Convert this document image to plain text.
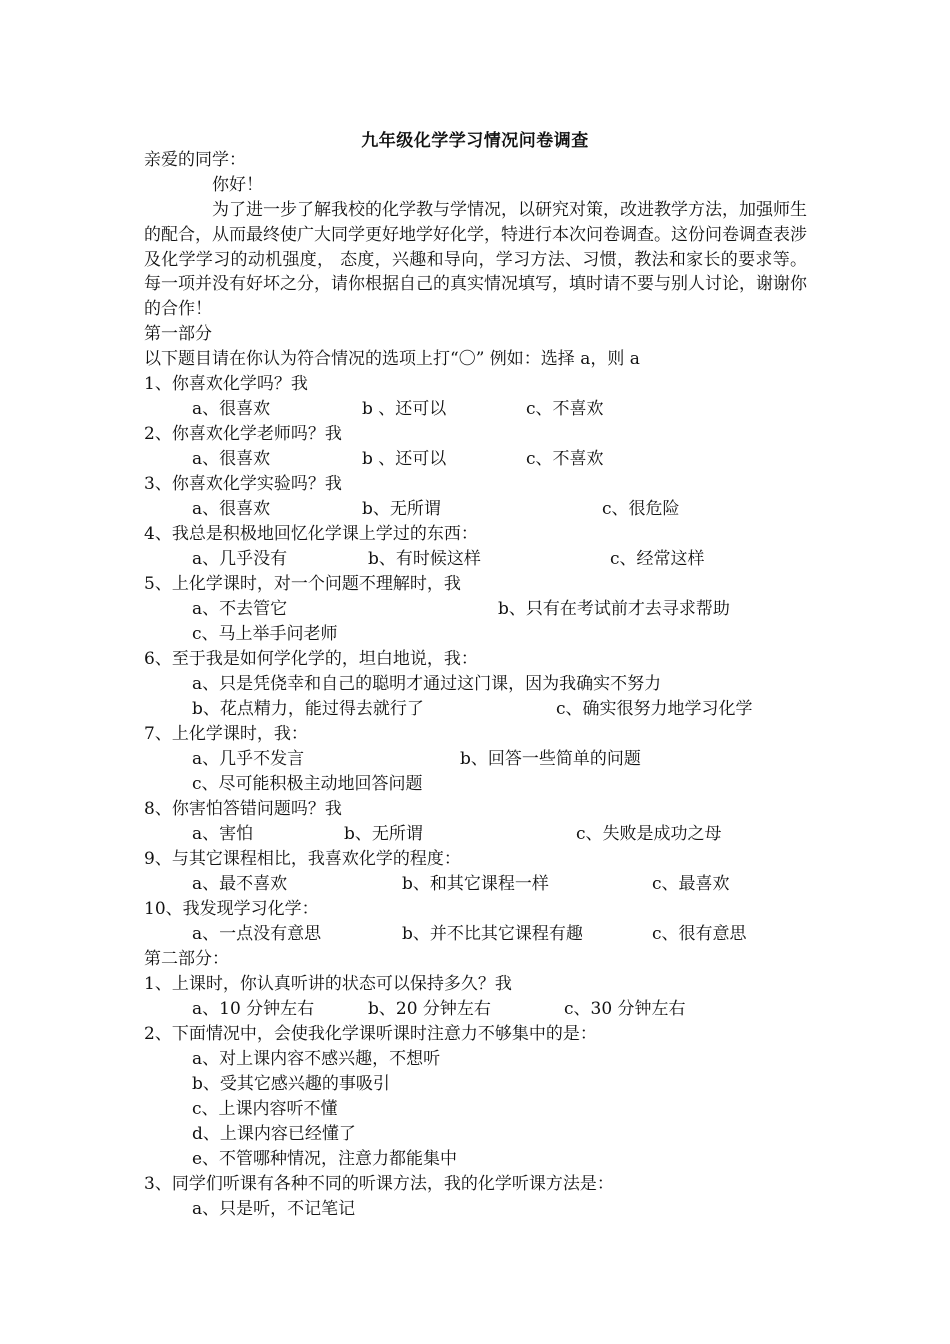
九年级化学学习情况问卷调查
亲爱的同学：
你好！
为了进一步了解我校的化学教与学情况，以研究对策，改进教学方法，加强师生的配合，从而最终使广大同学更好地学好化学，特进行本次问卷调查。这份问卷调查表涉及化学学习的动机强度， 态度，兴趣和导向，学习方法、习惯，教法和家长的要求等。每一项并没有好坏之分，请你根据自己的真实情况填写，填时请不要与别人讨论，谢谢你的合作！
第一部分
以下题目请在你认为符合情况的选项上打“〇” 例如：选择 a，则 a
1、你喜欢化学吗？我
a、很喜欢	b 、还可以	c、不喜欢
2、你喜欢化学老师吗？我
a、很喜欢	b 、还可以	c、不喜欢
3、你喜欢化学实验吗？我
a、很喜欢	b、无所谓	c、很危险
4、我总是积极地回忆化学课上学过的东西：
a、几乎没有	b、有时候这样	c、经常这样
5、上化学课时，对一个问题不理解时，我
a、不去管它	b、只有在考试前才去寻求帮助
c、马上举手问老师
6、至于我是如何学化学的，坦白地说，我：
a、只是凭侥幸和自己的聪明才通过这门课，因为我确实不努力
b、花点精力，能过得去就行了	c、确实很努力地学习化学
7、上化学课时，我：
a、几乎不发言	b、回答一些简单的问题
c、尽可能积极主动地回答问题
8、你害怕答错问题吗？我
a、害怕	b、无所谓	c、失败是成功之母
9、与其它课程相比，我喜欢化学的程度：
a、最不喜欢	b、和其它课程一样	c、最喜欢
10、我发现学习化学：
a、一点没有意思	b、并不比其它课程有趣	c、很有意思
第二部分：
1、上课时，你认真听讲的状态可以保持多久？我
a、10 分钟左右	b、20 分钟左右	c、30 分钟左右
2、下面情况中，会使我化学课听课时注意力不够集中的是：
a、对上课内容不感兴趣，不想听
b、受其它感兴趣的事吸引
c、上课内容听不懂
d、上课内容已经懂了
e、不管哪种情况，注意力都能集中
3、同学们听课有各种不同的听课方法，我的化学听课方法是：
a、只是听，不记笔记
